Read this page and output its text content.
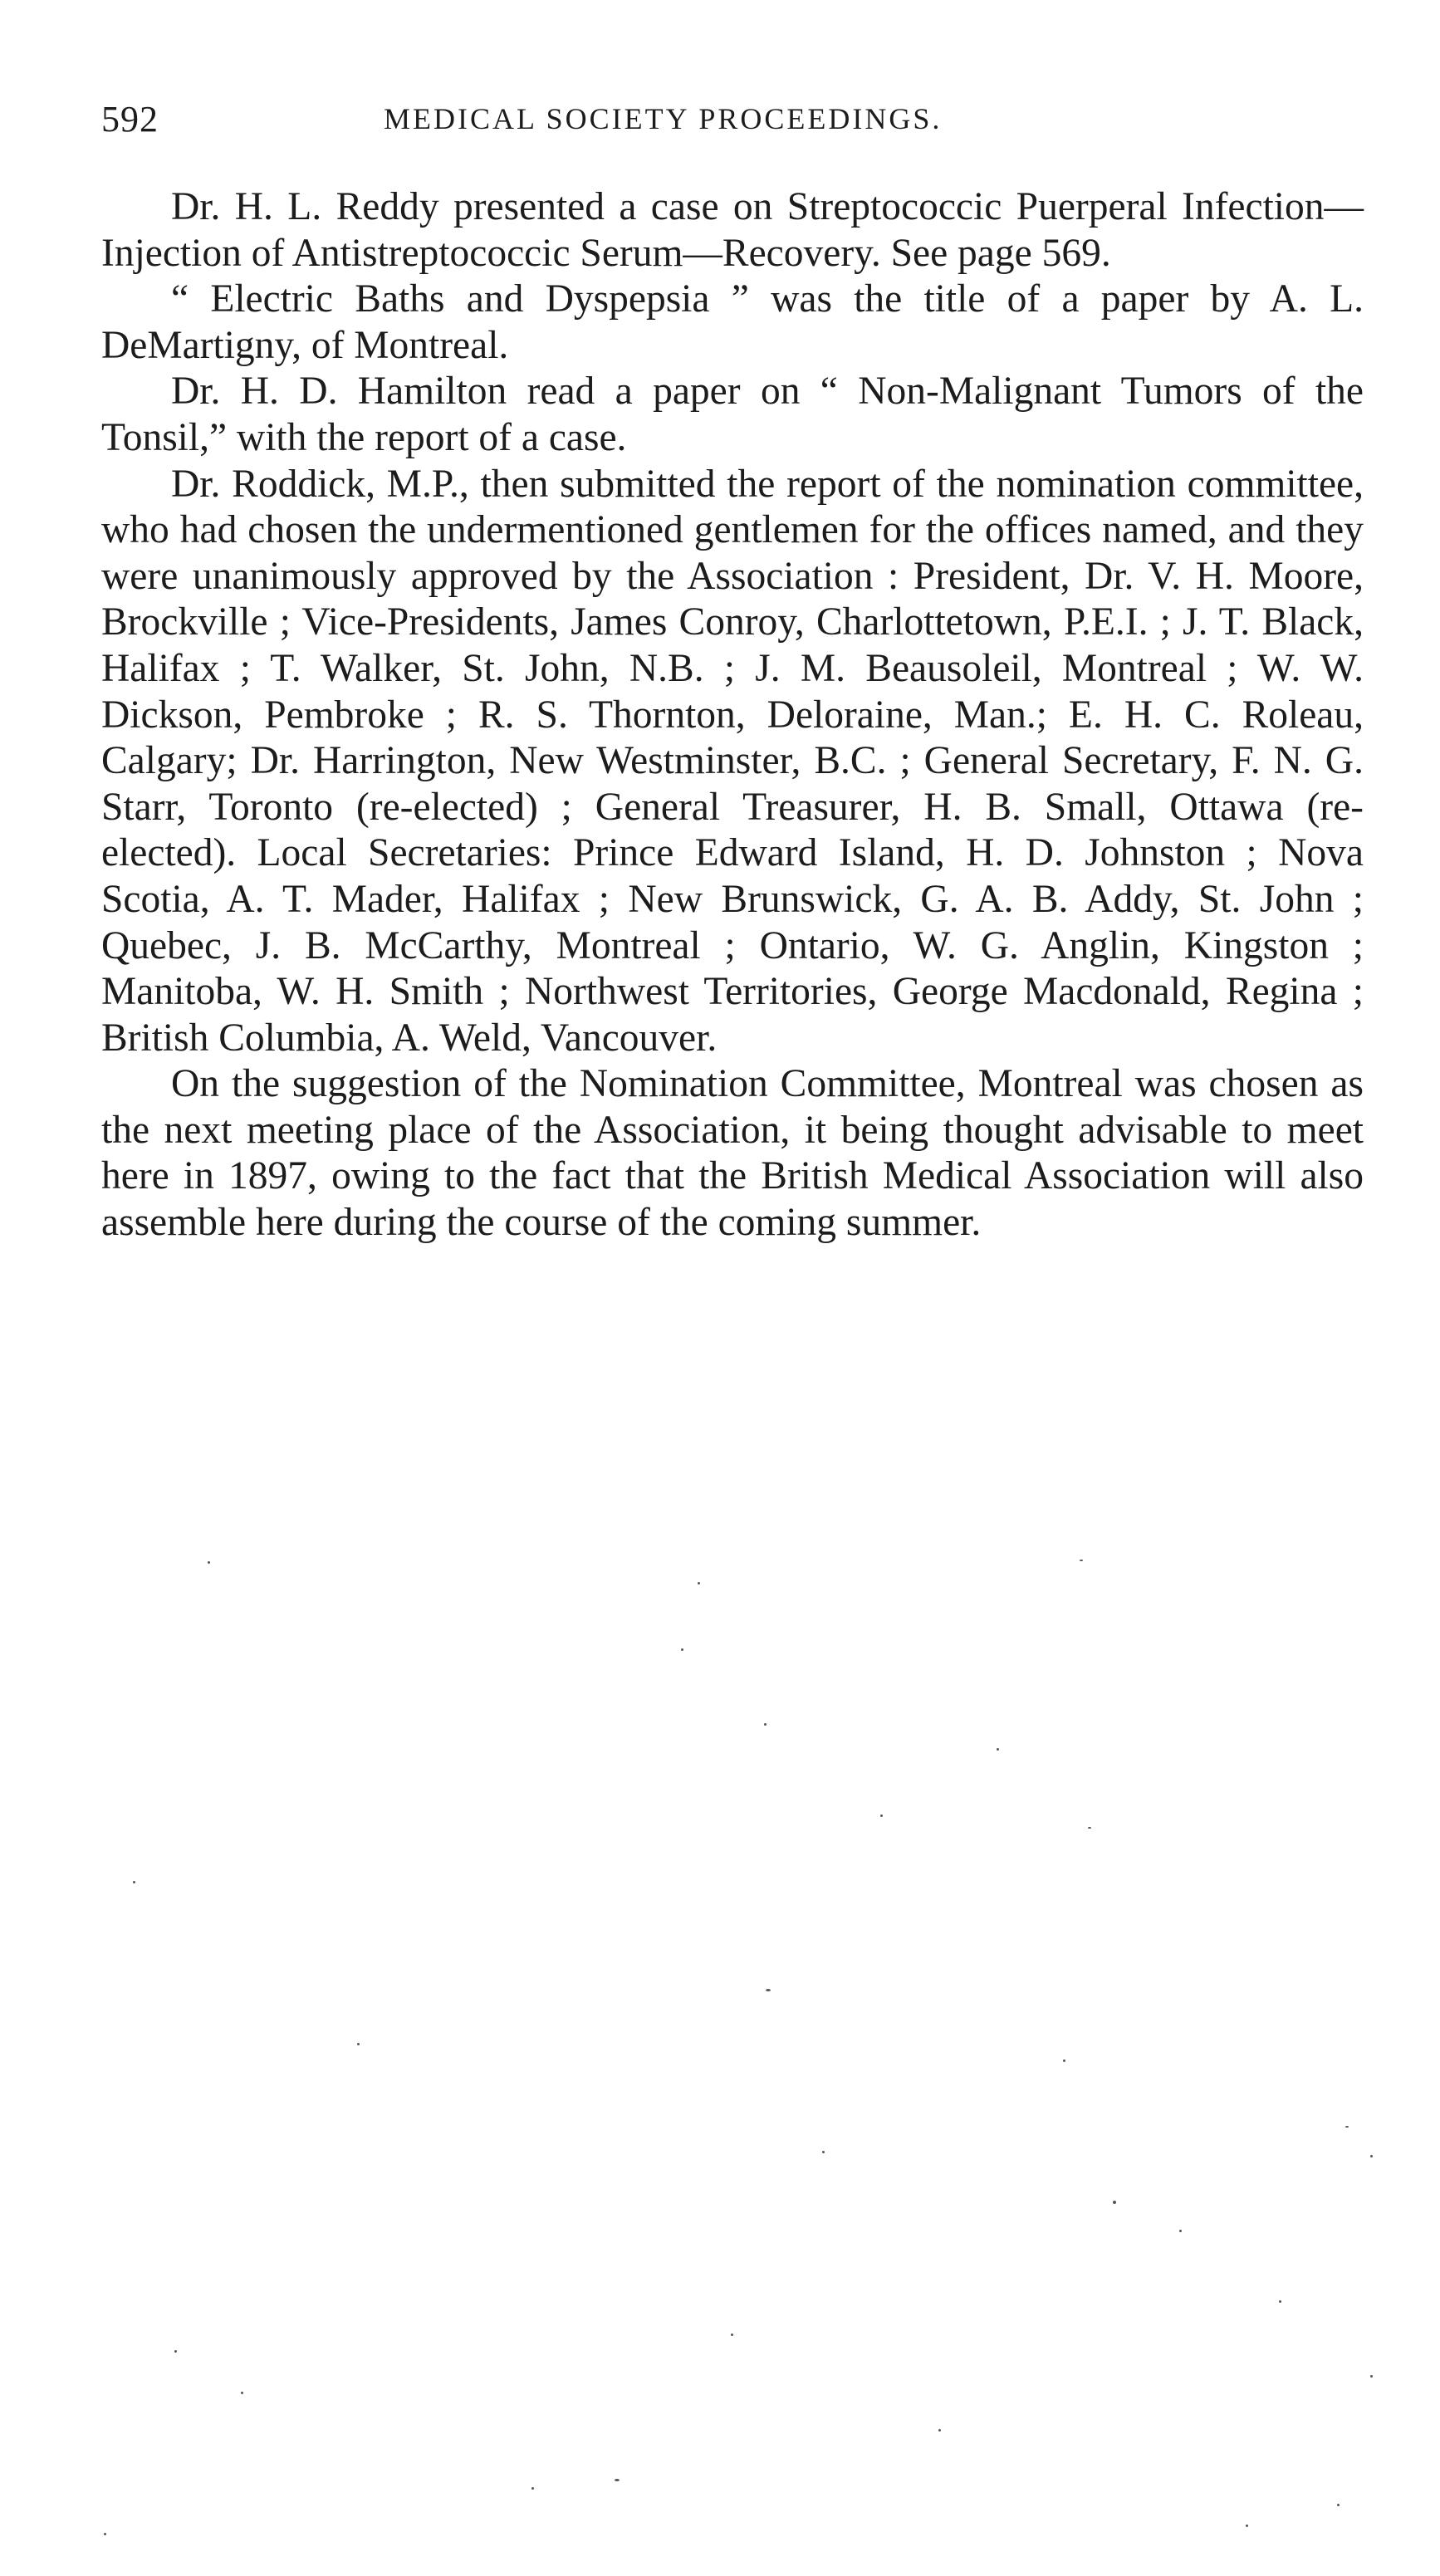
592	MEDICAL SOCIETY PROCEEDINGS.

Dr. H. L. Reddy presented a case on Streptococcic Puerperal Infection—Injection of Antistreptococcic Serum—Recovery. See page 569.

“ Electric Baths and Dyspepsia ” was the title of a paper by A. L. DeMartigny, of Montreal.

Dr. H. D. Hamilton read a paper on “ Non-Malignant Tumors of the Tonsil,” with the report of a case.

Dr. Roddick, M.P., then submitted the report of the nomination committee, who had chosen the undermentioned gentlemen for the offices named, and they were unanimously approved by the Association : President, Dr. V. H. Moore, Brockville ; Vice-Presidents, James Conroy, Charlottetown, P.E.I. ; J. T. Black, Halifax ; T. Walker, St. John, N.B. ; J. M. Beausoleil, Montreal ; W. W. Dickson, Pembroke ; R. S. Thornton, Deloraine, Man.; E. H. C. Roleau, Calgary; Dr. Harrington, New Westminster, B.C. ; General Secretary, F. N. G. Starr, Toronto (re-elected) ; General Treasurer, H. B. Small, Ottawa (re-elected). Local Secretaries: Prince Edward Island, H. D. Johnston ; Nova Scotia, A. T. Mader, Halifax ; New Brunswick, G. A. B. Addy, St. John ; Quebec, J. B. McCarthy, Montreal ; Ontario, W. G. Anglin, Kingston ; Manitoba, W. H. Smith ; Northwest Territories, George Macdonald, Regina ; British Columbia, A. Weld, Vancouver.

On the suggestion of the Nomination Committee, Montreal was chosen as the next meeting place of the Association, it being thought advisable to meet here in 1897, owing to the fact that the British Medical Association will also assemble here during the course of the coming summer.
